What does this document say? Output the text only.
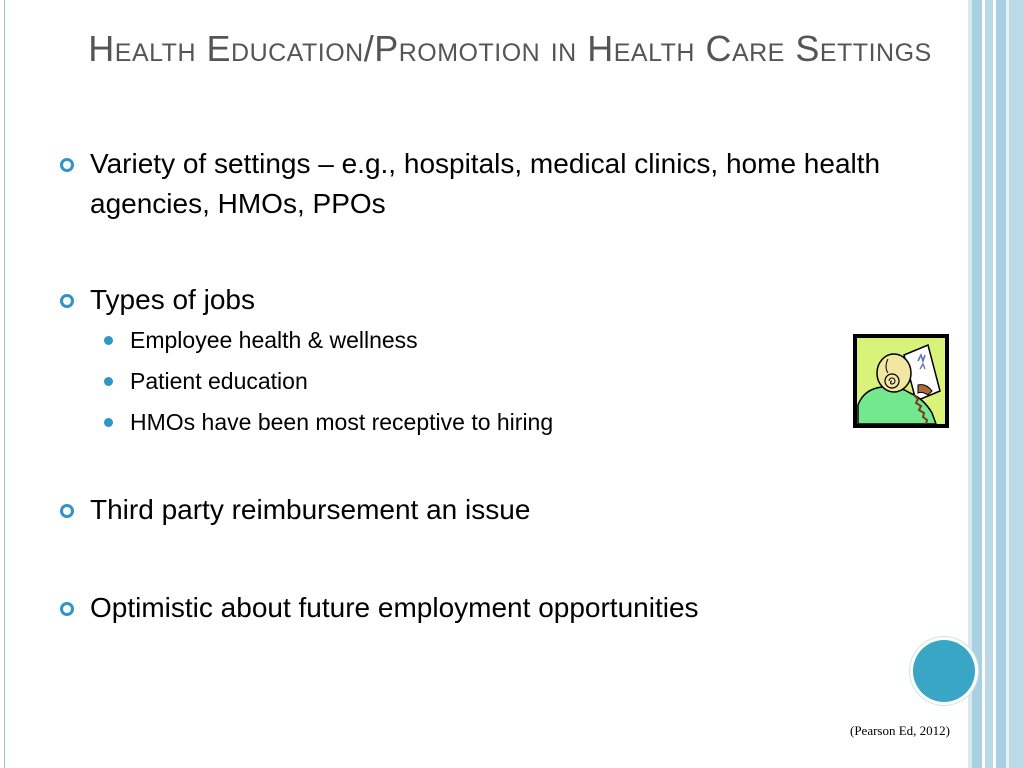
Health Education/Promotion in Health Care Settings
Variety of settings – e.g., hospitals, medical clinics, home health agencies, HMOs, PPOs
Types of jobs
Employee health & wellness
Patient education
HMOs have been most receptive to hiring
Third party reimbursement an issue
Optimistic about future employment opportunities
(Pearson Ed, 2012)
